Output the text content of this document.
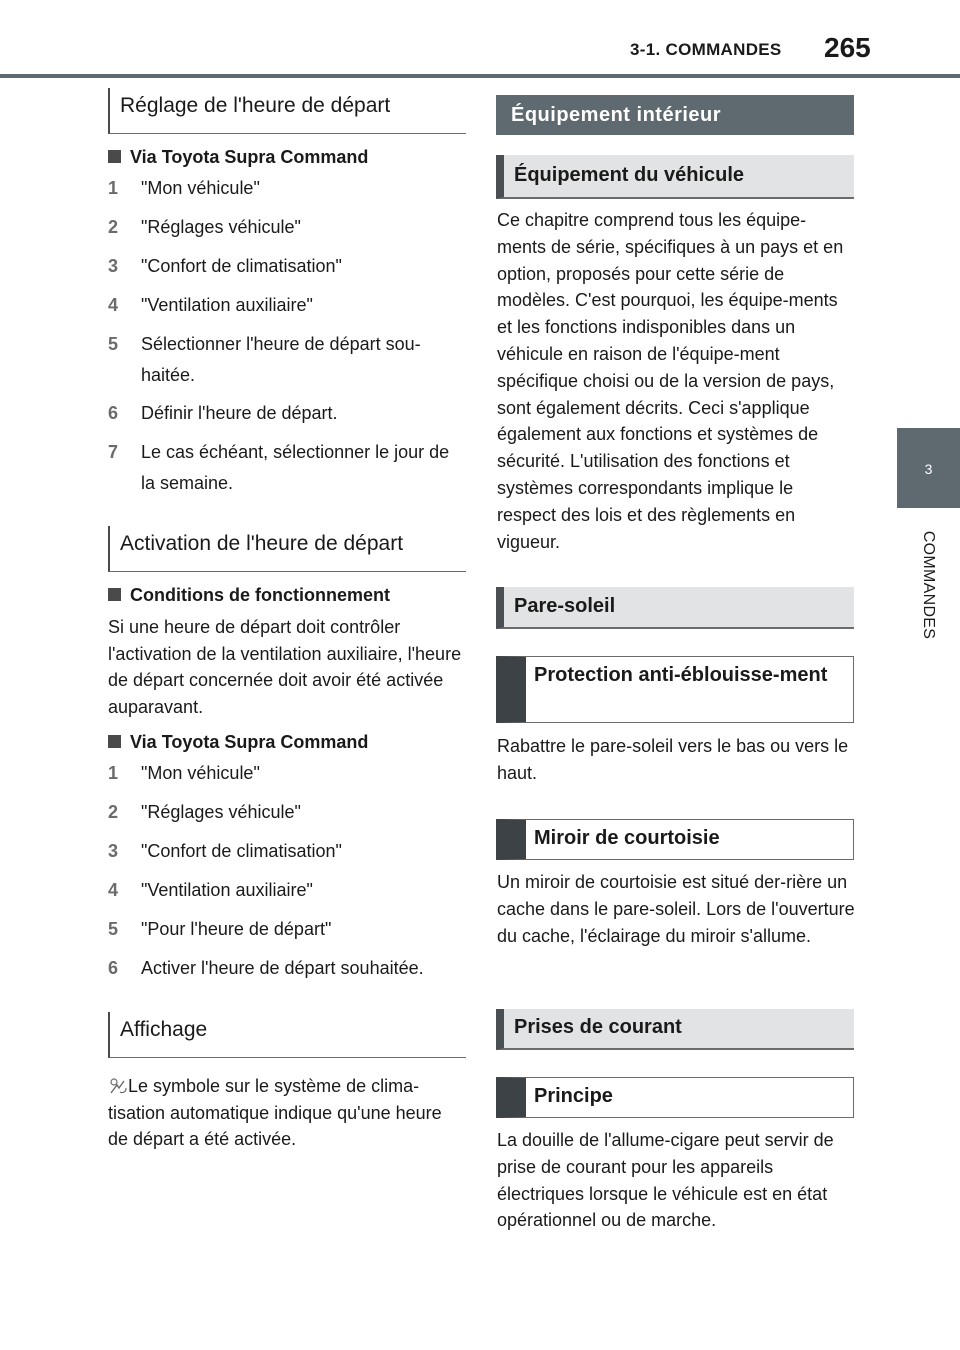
3-1. COMMANDES 265
3
COMMANDES
Réglage de l'heure de départ
Via Toyota Supra Command
1	"Mon véhicule"
2	"Réglages véhicule"
3	"Confort de climatisation"
4	"Ventilation auxiliaire"
5	Sélectionner l'heure de départ sou-haitée.
6	Définir l'heure de départ.
7	Le cas échéant, sélectionner le jour de la semaine.
Activation de l'heure de départ
Conditions de fonctionnement
Si une heure de départ doit contrôler l'activation de la ventilation auxiliaire, l'heure de départ concernée doit avoir été activée auparavant.
Via Toyota Supra Command
1	"Mon véhicule"
2	"Réglages véhicule"
3	"Confort de climatisation"
4	"Ventilation auxiliaire"
5	"Pour l'heure de départ"
6	Activer l'heure de départ souhaitée.
Affichage
Le symbole sur le système de clima-tisation automatique indique qu'une heure de départ a été activée.
Équipement intérieur
Équipement du véhicule
Ce chapitre comprend tous les équipe-ments de série, spécifiques à un pays et en option, proposés pour cette série de modèles. C'est pourquoi, les équipe-ments et les fonctions indisponibles dans un véhicule en raison de l'équipe-ment spécifique choisi ou de la version de pays, sont également décrits. Ceci s'applique également aux fonctions et systèmes de sécurité. L'utilisation des fonctions et systèmes correspondants implique le respect des lois et des règlements en vigueur.
Pare-soleil
Protection anti-éblouisse-ment
Rabattre le pare-soleil vers le bas ou vers le haut.
Miroir de courtoisie
Un miroir de courtoisie est situé der-rière un cache dans le pare-soleil. Lors de l'ouverture du cache, l'éclairage du miroir s'allume.
Prises de courant
Principe
La douille de l'allume-cigare peut servir de prise de courant pour les appareils électriques lorsque le véhicule est en état opérationnel ou de marche.
